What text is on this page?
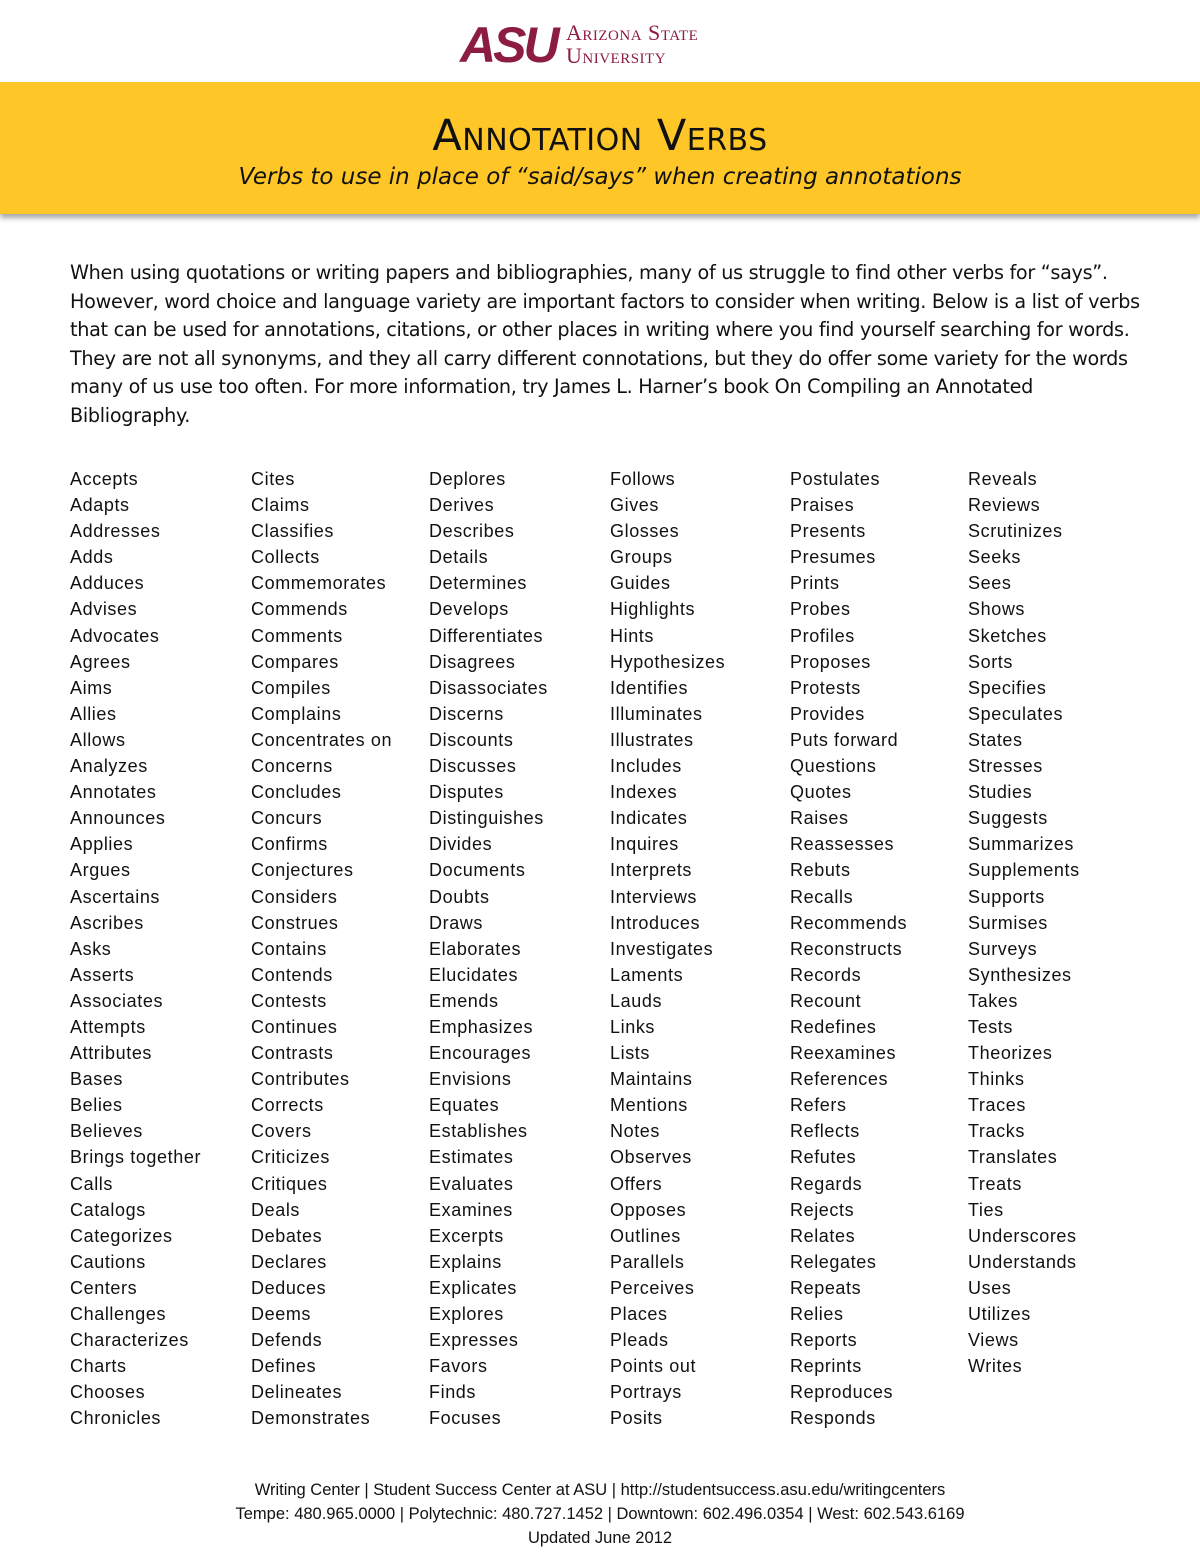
ASU Arizona State
University
Annotation Verbs
Verbs to use in place of “said/says” when creating annotations

When using quotations or writing papers and bibliographies, many of us struggle to find other verbs for “says”. However, word choice and language variety are important factors to consider when writing. Below is a list of verbs that can be used for annotations, citations, or other places in writing where you find yourself searching for words. They are not all synonyms, and they all carry different connotations, but they do offer some variety for the words many of us use too often. For more information, try James L. Harner’s book On Compiling an Annotated Bibliography.

Accepts
Adapts
Addresses
Adds
Adduces
Advises
Advocates
Agrees
Aims
Allies
Allows
Analyzes
Annotates
Announces
Applies
Argues
Ascertains
Ascribes
Asks
Asserts
Associates
Attempts
Attributes
Bases
Belies
Believes
Brings together
Calls
Catalogs
Categorizes
Cautions
Centers
Challenges
Characterizes
Charts
Chooses
Chronicles
Cites
Claims
Classifies
Collects
Commemorates
Commends
Comments
Compares
Compiles
Complains
Concentrates on
Concerns
Concludes
Concurs
Confirms
Conjectures
Considers
Construes
Contains
Contends
Contests
Continues
Contrasts
Contributes
Corrects
Covers
Criticizes
Critiques
Deals
Debates
Declares
Deduces
Deems
Defends
Defines
Delineates
Demonstrates
Deplores
Derives
Describes
Details
Determines
Develops
Differentiates
Disagrees
Disassociates
Discerns
Discounts
Discusses
Disputes
Distinguishes
Divides
Documents
Doubts
Draws
Elaborates
Elucidates
Emends
Emphasizes
Encourages
Envisions
Equates
Establishes
Estimates
Evaluates
Examines
Excerpts
Explains
Explicates
Explores
Expresses
Favors
Finds
Focuses
Follows
Gives
Glosses
Groups
Guides
Highlights
Hints
Hypothesizes
Identifies
Illuminates
Illustrates
Includes
Indexes
Indicates
Inquires
Interprets
Interviews
Introduces
Investigates
Laments
Lauds
Links
Lists
Maintains
Mentions
Notes
Observes
Offers
Opposes
Outlines
Parallels
Perceives
Places
Pleads
Points out
Portrays
Posits
Postulates
Praises
Presents
Presumes
Prints
Probes
Profiles
Proposes
Protests
Provides
Puts forward
Questions
Quotes
Raises
Reassesses
Rebuts
Recalls
Recommends
Reconstructs
Records
Recount
Redefines
Reexamines
References
Refers
Reflects
Refutes
Regards
Rejects
Relates
Relegates
Repeats
Relies
Reports
Reprints
Reproduces
Responds
Reveals
Reviews
Scrutinizes
Seeks
Sees
Shows
Sketches
Sorts
Specifies
Speculates
States
Stresses
Studies
Suggests
Summarizes
Supplements
Supports
Surmises
Surveys
Synthesizes
Takes
Tests
Theorizes
Thinks
Traces
Tracks
Translates
Treats
Ties
Underscores
Understands
Uses
Utilizes
Views
Writes
Writing Center | Student Success Center at ASU | http://studentsuccess.asu.edu/writingcenters
Tempe: 480.965.0000 | Polytechnic: 480.727.1452 | Downtown: 602.496.0354 | West: 602.543.6169
Updated June 2012
